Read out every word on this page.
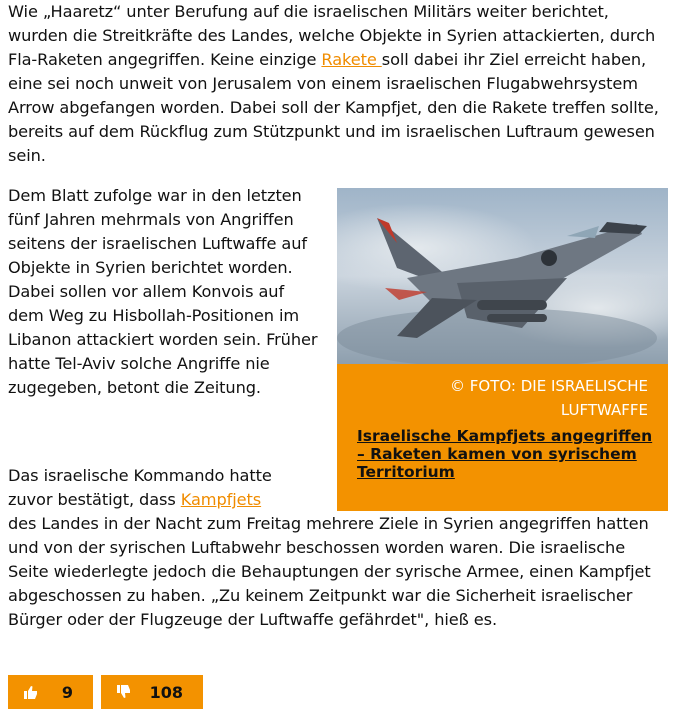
Wie „Haaretz“ unter Berufung auf die israelischen Militärs weiter berichtet, wurden die Streitkräfte des Landes, welche Objekte in Syrien attackierten, durch Fla-Raketen angegriffen. Keine einzige Rakete soll dabei ihr Ziel erreicht haben, eine sei noch unweit von Jerusalem von einem israelischen Flugabwehrsystem Arrow abgefangen worden. Dabei soll der Kampfjet, den die Rakete treffen sollte, bereits auf dem Rückflug zum Stützpunkt und im israelischen Luftraum gewesen sein.

Dem Blatt zufolge war in den letzten fünf Jahren mehrmals von Angriffen seitens der israelischen Luftwaffe auf Objekte in Syrien berichtet worden. Dabei sollen vor allem Konvois auf dem Weg zu Hisbollah-Positionen im Libanon attackiert worden sein. Früher hatte Tel-Aviv solche Angriffe nie zugegeben, betont die Zeitung.

Das israelische Kommando hatte zuvor bestätigt, dass Kampfjets

des Landes in der Nacht zum Freitag mehrere Ziele in Syrien angegriffen hatten und von der syrischen Luftabwehr beschossen worden waren. Die israelische Seite wiederlegte jedoch die Behauptungen der syrische Armee, einen Kampfjet abgeschossen zu haben. „Zu keinem Zeitpunkt war die Sicherheit israelischer Bürger oder der Flugzeuge der Luftwaffe gefährdet", hieß es.

© FOTO: DIE ISRAELISCHE LUFTWAFFE
Israelische Kampfjets angegriffen – Raketen kamen von syrischem Territorium
9	108
